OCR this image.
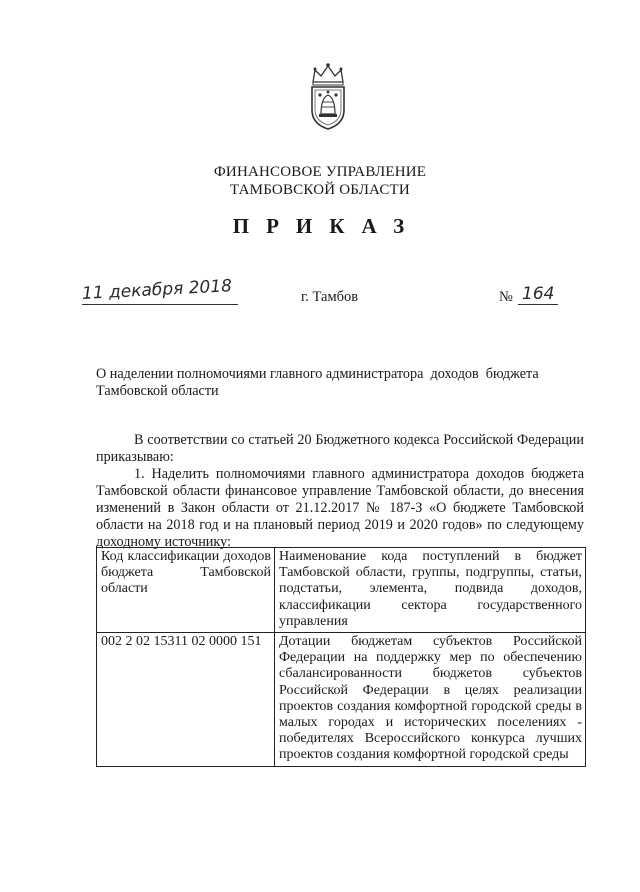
ФИНАНСОВОЕ УПРАВЛЕНИЕ
ТАМБОВСКОЙ ОБЛАСТИ
ПРИКАЗ
11 декабря 2018	г. Тамбов	№ 164
О наделении полномочиями главного администратора  доходов  бюджета
Тамбовской области
В соответствии со статьей 20 Бюджетного кодекса Российской Федерации приказываю:
1. Наделить полномочиями главного администратора доходов бюджета Тамбовской области финансовое управление Тамбовской области, до внесения изменений в Закон области от 21.12.2017 № 187-З «О бюджете Тамбовской области на 2018 год и на плановый период 2019 и 2020 годов» по следующему доходному источнику:
Код классификации доходов бюджета Тамбовской области	Наименование кода поступлений в бюджет Тамбовской области, группы, подгруппы, статьи, подстатьи, элемента, подвида доходов, классификации сектора государственного управления
002 2 02 15311 02 0000 151	Дотации бюджетам субъектов Российской Федерации на поддержку мер по обеспечению сбалансированности бюджетов субъектов Российской Федерации в целях реализации проектов создания комфортной городской среды в малых городах и исторических поселениях - победителях Всероссийского конкурса лучших проектов создания комфортной городской среды
